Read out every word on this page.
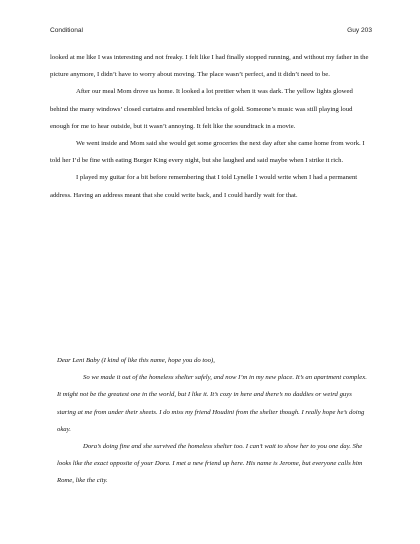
Conditional	Guy 203

looked at me like I was interesting and not freaky. I felt like I had finally stopped running, and without my father in the picture anymore, I didn’t have to worry about moving. The place wasn’t perfect, and it didn’t need to be.

After our meal Mom drove us home. It looked a lot prettier when it was dark. The yellow lights glowed behind the many windows’ closed curtains and resembled bricks of gold. Someone’s music was still playing loud enough for me to hear outside, but it wasn’t annoying. It felt like the soundtrack in a movie.

We went inside and Mom said she would get some groceries the next day after she came home from work. I told her I’d be fine with eating Burger King every night, but she laughed and said maybe when I strike it rich.

I played my guitar for a bit before remembering that I told Lynelle I would write when I had a permanent address. Having an address meant that she could write back, and I could hardly wait for that.

Dear Leni Baby (I kind of like this name, hope you do too),

So we made it out of the homeless shelter safely, and now I’m in my new place. It’s an apartment complex. It might not be the greatest one in the world, but I like it. It’s cozy in here and there’s no daddies or weird guys staring at me from under their sheets. I do miss my friend Houdini from the shelter though. I really hope he’s doing okay.

Dora’s doing fine and she survived the homeless shelter too. I can’t wait to show her to you one day. She looks like the exact opposite of your Dora. I met a new friend up here. His name is Jerome, but everyone calls him Rome, like the city.
